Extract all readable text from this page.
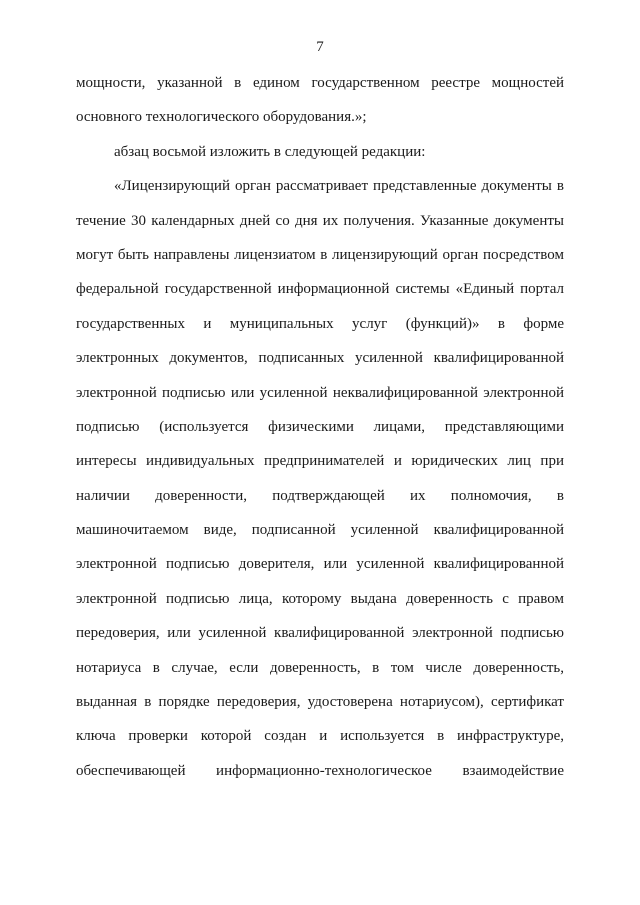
7
мощности, указанной в едином государственном реестре мощностей
основного технологического оборудования.»;
абзац восьмой изложить в следующей редакции:
«Лицензирующий орган рассматривает представленные документы в
течение 30 календарных дней со дня их получения. Указанные документы
могут быть направлены лицензиатом в лицензирующий орган посредством
федеральной государственной информационной системы «Единый портал
государственных и муниципальных услуг (функций)» в форме
электронных документов, подписанных усиленной квалифицированной
электронной подписью или усиленной неквалифицированной электронной
подписью (используется физическими лицами, представляющими
интересы индивидуальных предпринимателей и юридических лиц при
наличии доверенности, подтверждающей их полномочия, в
машиночитаемом виде, подписанной усиленной квалифицированной
электронной подписью доверителя, или усиленной квалифицированной
электронной подписью лица, которому выдана доверенность с правом
передоверия, или усиленной квалифицированной электронной подписью
нотариуса в случае, если доверенность, в том числе доверенность,
выданная в порядке передоверия, удостоверена нотариусом), сертификат
ключа проверки которой создан и используется в инфраструктуре,
обеспечивающей информационно-технологическое взаимодействие
